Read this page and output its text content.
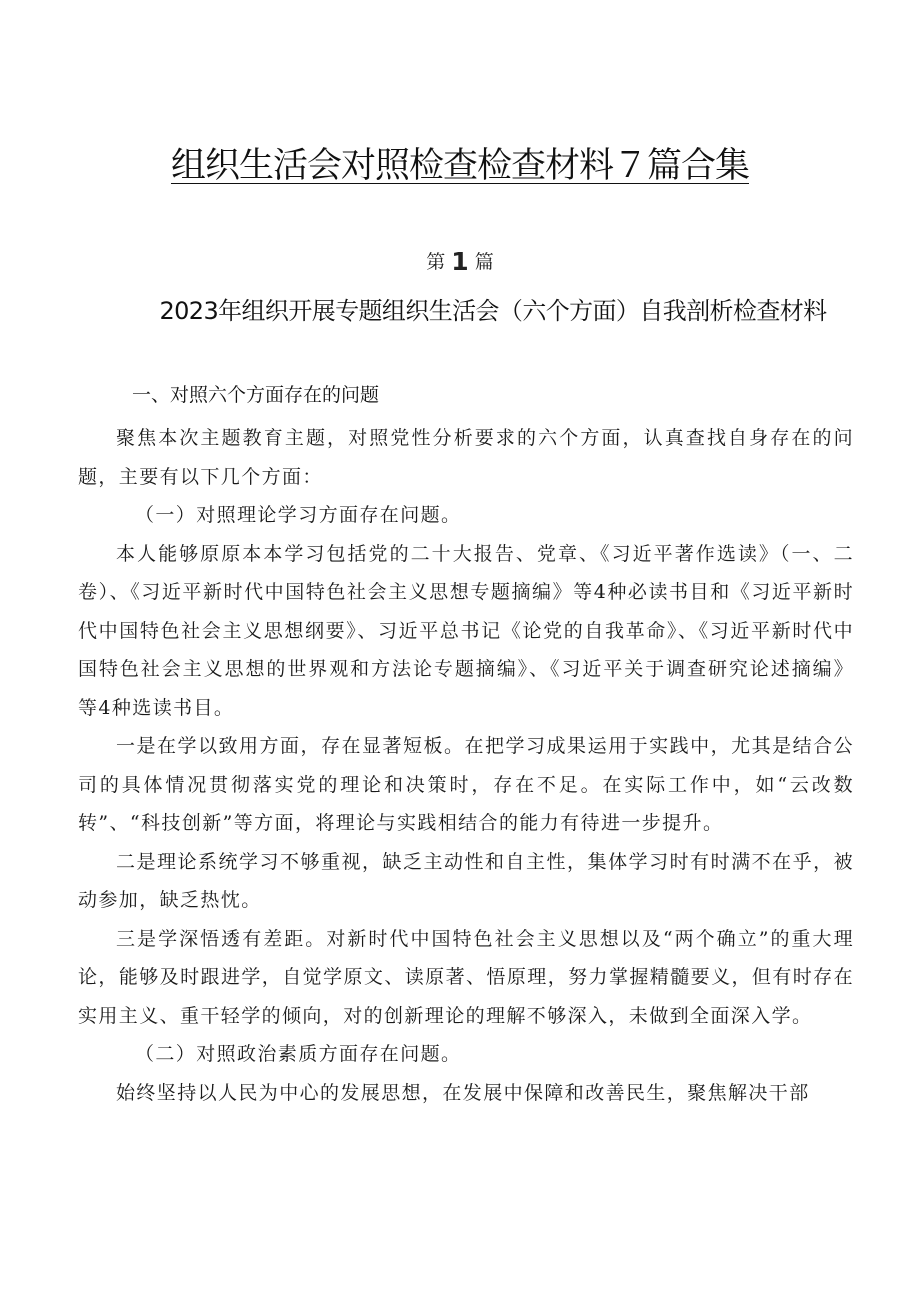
组织生活会对照检查检查材料７篇合集
第 1 篇
2023年组织开展专题组织生活会（六个方面）自我剖析检查材料
一、对照六个方面存在的问题

聚焦本次主题教育主题，对照党性分析要求的六个方面，认真查找自身存在的问题，主要有以下几个方面：

（一）对照理论学习方面存在问题。

本人能够原原本本学习包括党的二十大报告、党章、《习近平著作选读》（一、二卷）、《习近平新时代中国特色社会主义思想专题摘编》等4种必读书目和《习近平新时代中国特色社会主义思想纲要》、习近平总书记《论党的自我革命》、《习近平新时代中国特色社会主义思想的世界观和方法论专题摘编》、《习近平关于调查研究论述摘编》等4种选读书目。

一是在学以致用方面，存在显著短板。在把学习成果运用于实践中，尤其是结合公司的具体情况贯彻落实党的理论和决策时，存在不足。在实际工作中，如“云改数转”、“科技创新”等方面，将理论与实践相结合的能力有待进一步提升。

二是理论系统学习不够重视，缺乏主动性和自主性，集体学习时有时满不在乎，被动参加，缺乏热忱。

三是学深悟透有差距。对新时代中国特色社会主义思想以及“两个确立”的重大理论，能够及时跟进学，自觉学原文、读原著、悟原理，努力掌握精髓要义，但有时存在实用主义、重干轻学的倾向，对的创新理论的理解不够深入，未做到全面深入学。

（二）对照政治素质方面存在问题。

始终坚持以人民为中心的发展思想，在发展中保障和改善民生，聚焦解决干部
